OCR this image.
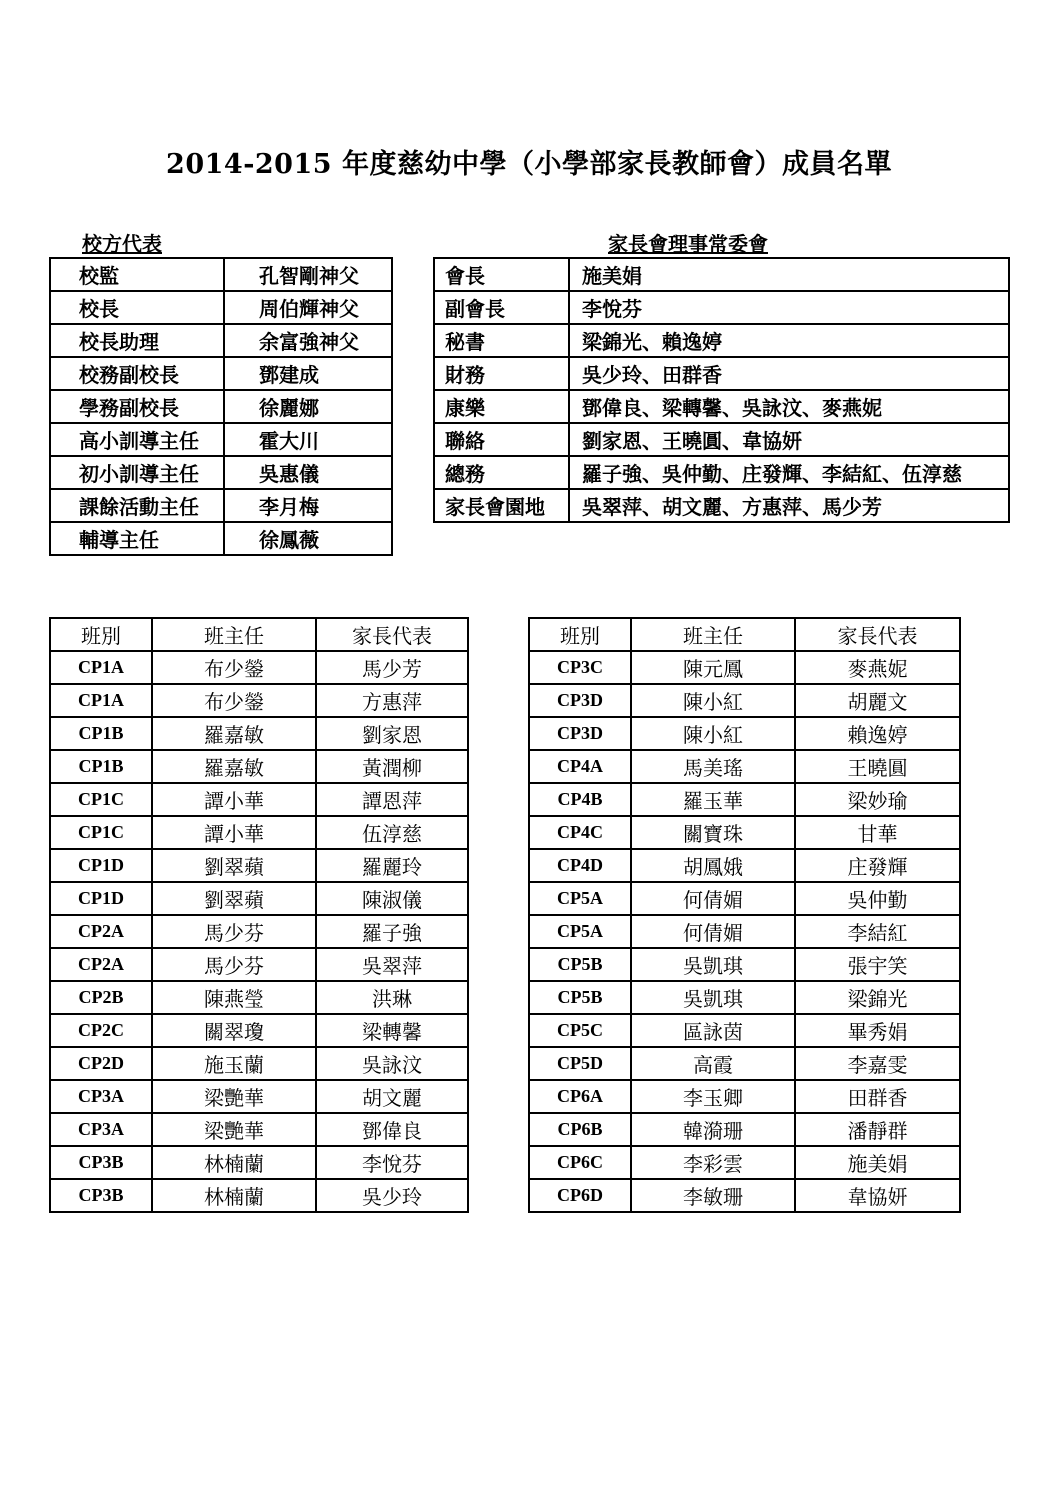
2014-2015 年度慈幼中學（小學部家長教師會）成員名單
校方代表	家長會理事常委會
校監	孔智剛神父
校長	周伯輝神父
校長助理	余富強神父
校務副校長	鄧建成
學務副校長	徐麗娜
高小訓導主任	霍大川
初小訓導主任	吳惠儀
課餘活動主任	李月梅
輔導主任	徐鳳薇
會長	施美娟
副會長	李悅芬
秘書	梁錦光、賴逸婷
財務	吳少玲、田群香
康樂	鄧偉良、梁轉馨、吳詠汶、麥燕妮
聯絡	劉家恩、王曉圓、韋協妍
總務	羅子強、吳仲勤、庄發輝、李結紅、伍淳慈
家長會園地	吳翠萍、胡文麗、方惠萍、馬少芳
班別	班主任	家長代表
CP1A	布少鎣	馬少芳
CP1A	布少鎣	方惠萍
CP1B	羅嘉敏	劉家恩
CP1B	羅嘉敏	黃潤柳
CP1C	譚小華	譚恩萍
CP1C	譚小華	伍淳慈
CP1D	劉翠蘋	羅麗玲
CP1D	劉翠蘋	陳淑儀
CP2A	馬少芬	羅子強
CP2A	馬少芬	吳翠萍
CP2B	陳燕瑩	洪琳
CP2C	關翠瓊	梁轉馨
CP2D	施玉蘭	吳詠汶
CP3A	梁艷華	胡文麗
CP3A	梁艷華	鄧偉良
CP3B	林楠蘭	李悅芬
CP3B	林楠蘭	吳少玲
班別	班主任	家長代表
CP3C	陳元鳳	麥燕妮
CP3D	陳小紅	胡麗文
CP3D	陳小紅	賴逸婷
CP4A	馬美瑤	王曉圓
CP4B	羅玉華	梁妙瑜
CP4C	關寶珠	甘華
CP4D	胡鳳娥	庄發輝
CP5A	何倩媚	吳仲勤
CP5A	何倩媚	李結紅
CP5B	吳凱琪	張宇笑
CP5B	吳凱琪	梁錦光
CP5C	區詠茵	畢秀娟
CP5D	高霞	李嘉雯
CP6A	李玉卿	田群香
CP6B	韓漪珊	潘靜群
CP6C	李彩雲	施美娟
CP6D	李敏珊	韋協妍
